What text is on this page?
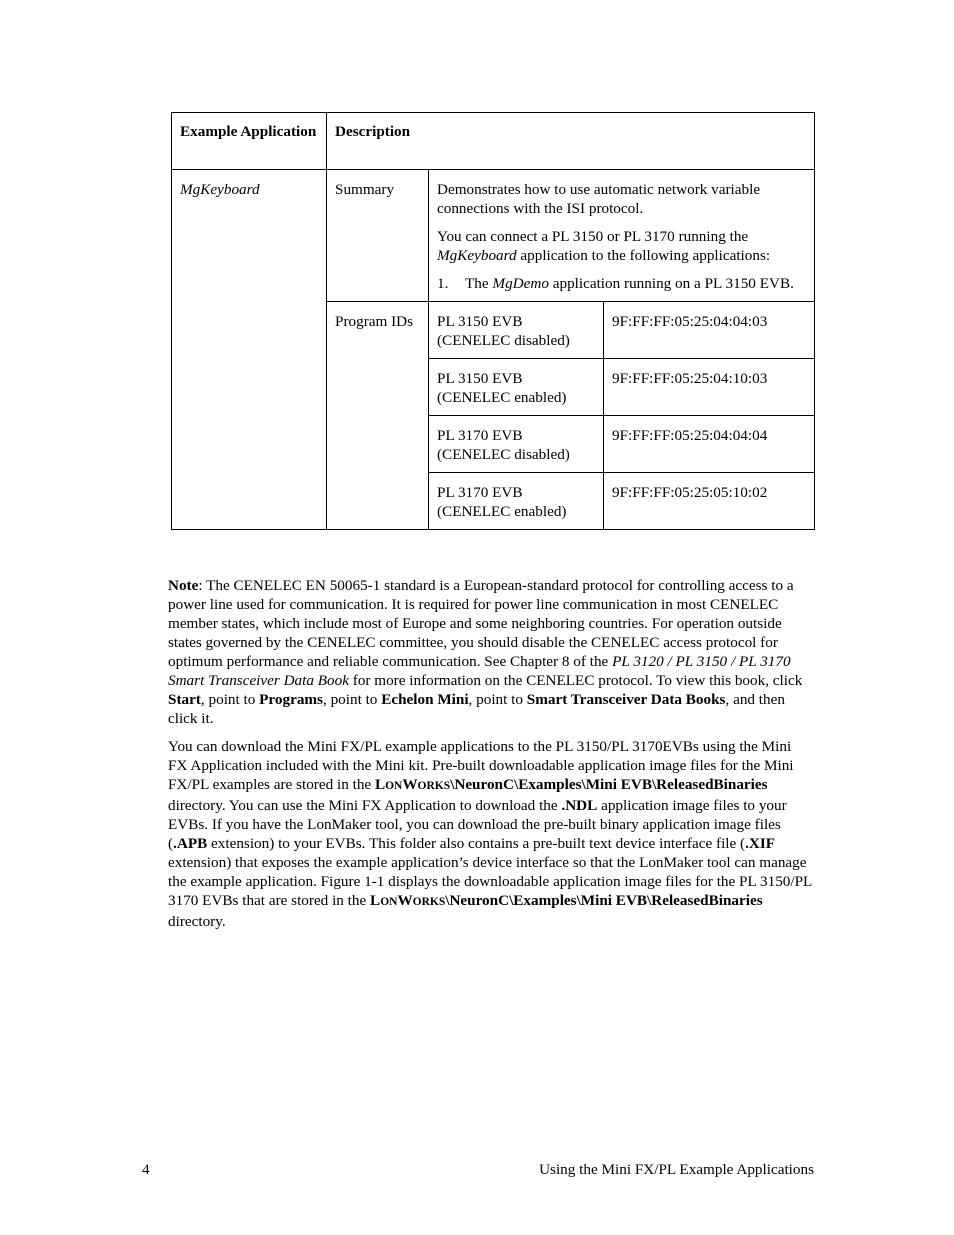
Example Application	Description		
MgKeyboard	Summary	Demonstrates how to use automatic network variable connections with the ISI protocol.

You can connect a PL 3150 or PL 3170 running the MgKeyboard application to the following applications:

1. The MgDemo application running on a PL 3150 EVB.	

	Program IDs	PL 3150 EVB (CENELEC disabled)	9F:FF:FF:05:25:04:04:03
		PL 3150 EVB (CENELEC enabled)	9F:FF:FF:05:25:04:10:03
		PL 3170 EVB (CENELEC disabled)	9F:FF:FF:05:25:04:04:04
		PL 3170 EVB (CENELEC enabled)	9F:FF:FF:05:25:05:10:02

Note: The CENELEC EN 50065-1 standard is a European-standard protocol for controlling access to a power line used for communication. It is required for power line communication in most CENELEC member states, which include most of Europe and some neighboring countries. For operation outside states governed by the CENELEC committee, you should disable the CENELEC access protocol for optimum performance and reliable communication. See Chapter 8 of the PL 3120 / PL 3150 / PL 3170 Smart Transceiver Data Book for more information on the CENELEC protocol. To view this book, click Start, point to Programs, point to Echelon Mini, point to Smart Transceiver Data Books, and then click it.

You can download the Mini FX/PL example applications to the PL 3150/PL 3170EVBs using the Mini FX Application included with the Mini kit. Pre-built downloadable application image files for the Mini FX/PL examples are stored in the LONWORKS\NeuronC\Examples\Mini EVB\ReleasedBinaries directory. You can use the Mini FX Application to download the .NDL application image files to your EVBs. If you have the LonMaker tool, you can download the pre-built binary application image files (.APB extension) to your EVBs. This folder also contains a pre-built text device interface file (.XIF extension) that exposes the example application’s device interface so that the LonMaker tool can manage the example application. Figure 1-1 displays the downloadable application image files for the PL 3150/PL 3170 EVBs that are stored in the LONWORKS\NeuronC\Examples\Mini EVB\ReleasedBinaries directory.

4	Using the Mini FX/PL Example Applications
